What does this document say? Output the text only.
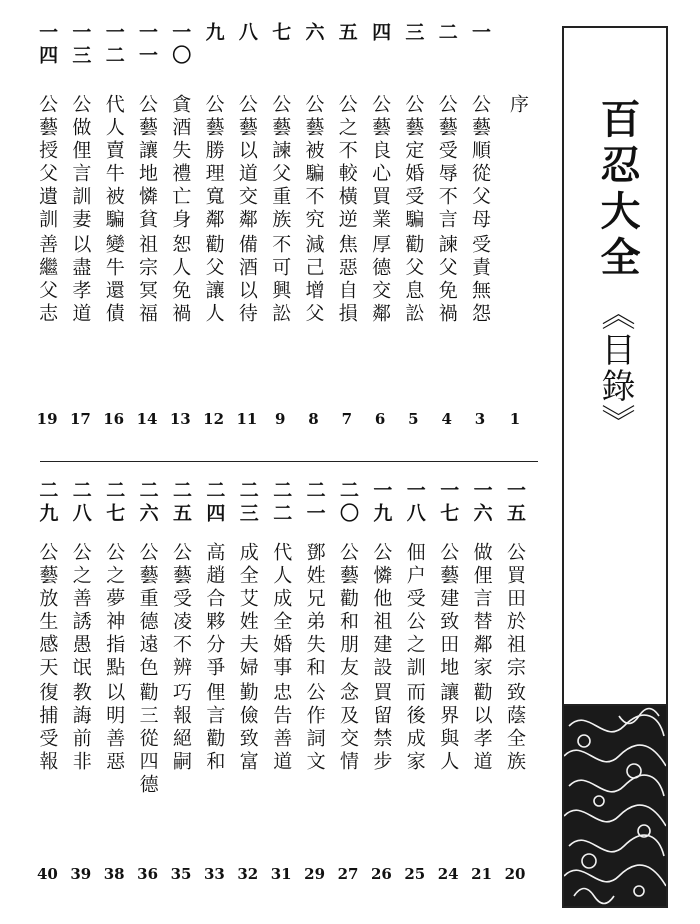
序
1
一
公藝順從父母
受責無怨
3
二
公藝受辱不言
諫父免禍
4
三
公藝定婚受騙
勸父息訟
5
四
公藝良心買業
厚德交鄰
6
五
公之不較橫逆
焦惡自損
7
六
公藝被騙不究
減己增父
8
七
公藝諫父重族
不可興訟
9
八
公藝以道交鄰
備酒以待
11
九
公藝勝理寬鄰
勸父讓人
12
一〇
貪酒失禮亡身
恕人免禍
13
一一
公藝讓地憐貧
祖宗冥福
14
一二
代人賣牛被騙
變牛還債
16
一三
公做俚言訓妻
以盡孝道
17
一四
公藝授父遺訓
善繼父志
19
一五
公買田於祖宗
致蔭全族
20
一六
做俚言替鄰家
勸以孝道
21
一七
公藝建致田地
讓界與人
24
一八
佃户受公之訓
而後成家
25
一九
公憐他祖建設
買留禁步
26
二〇
公藝勸和朋友
念及交情
27
二一
鄧姓兄弟失和
公作詞文
29
二二
代人成全婚事
忠告善道
31
二三
成全艾姓夫婦
勤儉致富
32
二四
高趙合夥分爭
俚言勸和
33
二五
公藝受凌不辨
巧報絕嗣
35
二六
公藝重德遠色
勸三從四德
36
二七
公之夢神指點
以明善惡
38
二八
公之善誘愚氓
教誨前非
39
二九
公藝放生感天
復捕受報
40
百忍大全
《目錄》
